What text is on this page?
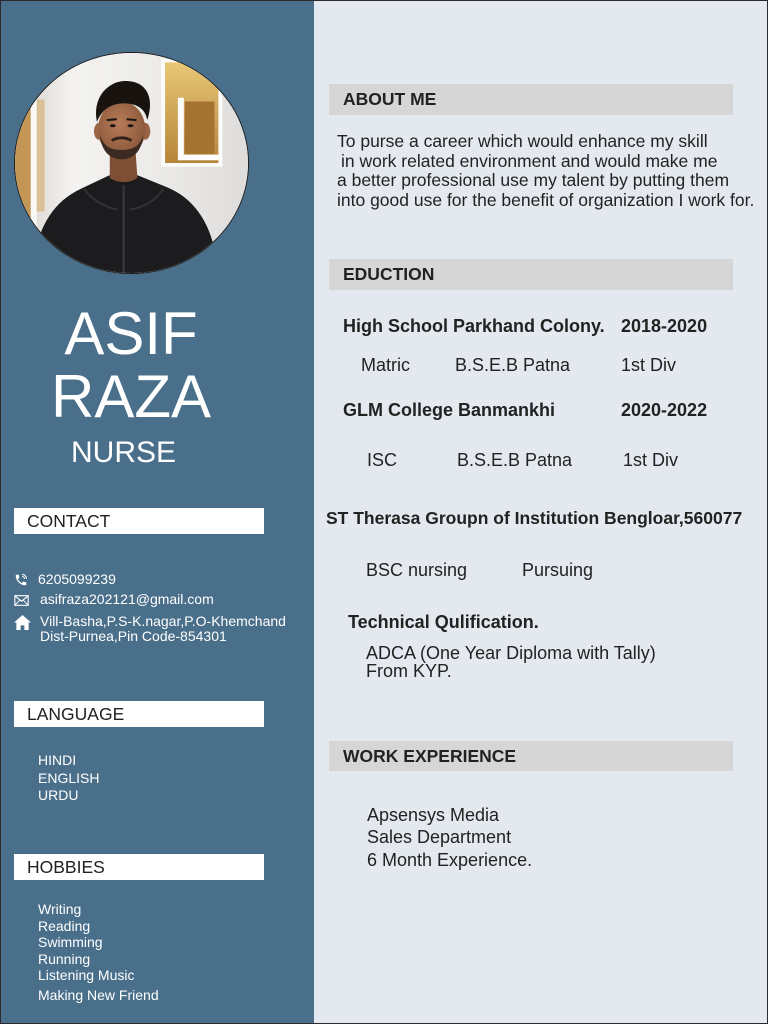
ASIF
RAZA
NURSE
CONTACT
6205099239
asifraza202121@gmail.com
Vill-Basha,P.S-K.nagar,P.O-Khemchand
Dist-Purnea,Pin Code-854301
LANGUAGE
HINDI
ENGLISH
URDU
HOBBIES
Writing
Reading
Swimming
Running
Listening Music
Making New Friend
ABOUT ME
To purse a career which would enhance my skill
in work related environment and would make me
a better professional use my talent by putting them
into good use for the benefit of organization I work for.
EDUCTION
High School Parkhand Colony. 2018-2020
Matric	B.S.E.B Patna	1st Div
GLM College Banmankhi	2020-2022
ISC	B.S.E.B Patna	1st Div
ST Therasa Groupn of Institution Bengloar,560077
BSC nursing	Pursuing
Technical Qulification.
ADCA (One Year Diploma with Tally)
From KYP.
WORK EXPERIENCE
Apsensys Media
Sales Department
6 Month Experience.
